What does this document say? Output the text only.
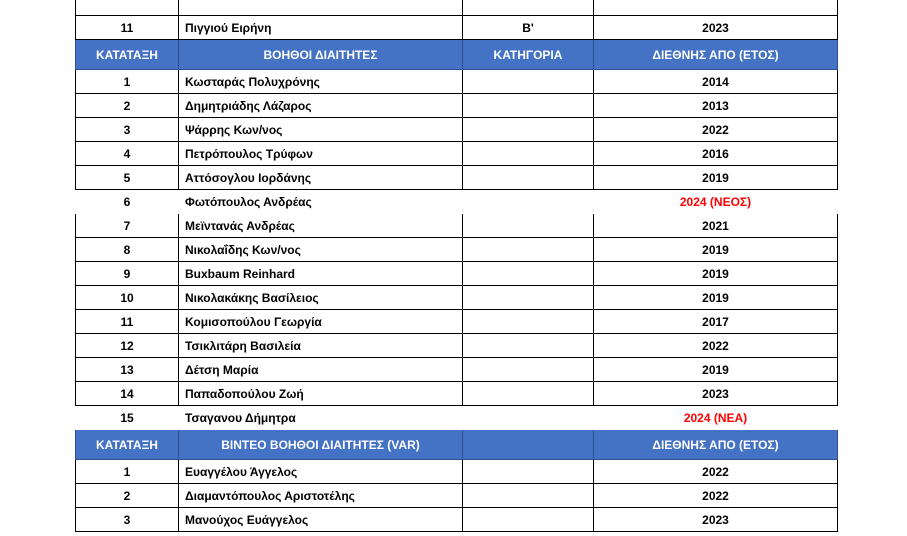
11	Πιγγιού Ειρήνη	Β'	2023
ΚΑΤΑΤΑΞΗ	ΒΟΗΘΟΙ ΔΙΑΙΤΗΤΕΣ	ΚΑΤΗΓΟΡΙΑ	ΔΙΕΘΝΗΣ ΑΠΟ (ΕΤΟΣ)
1	Κωσταράς Πολυχρόνης		2014
2	Δημητριάδης Λάζαρος		2013
3	Ψάρρης Κων/νος		2022
4	Πετρόπουλος Τρύφων		2016
5	Αττόσογλου Ιορδάνης		2019
6	Φωτόπουλος Ανδρέας		2024 (ΝΕΟΣ)
7	Μεϊντανάς Ανδρέας		2021
8	Νικολαΐδης Κων/νος		2019
9	Buxbaum Reinhard		2019
10	Νικολακάκης Βασίλειος		2019
11	Κομισοπούλου Γεωργία		2017
12	Τσικλιτάρη Βασιλεία		2022
13	Δέτση Μαρία		2019
14	Παπαδοπούλου Ζωή		2023
15	Τσαγανου Δήμητρα		2024 (ΝΕΑ)
ΚΑΤΑΤΑΞΗ	ΒΙΝΤΕΟ ΒΟΗΘΟΙ ΔΙΑΙΤΗΤΕΣ (VAR)		ΔΙΕΘΝΗΣ ΑΠΟ (ΕΤΟΣ)
1	Ευαγγέλου Άγγελος		2022
2	Διαμαντόπουλος Αριστοτέλης		2022
3	Μανούχος Ευάγγελος		2023
